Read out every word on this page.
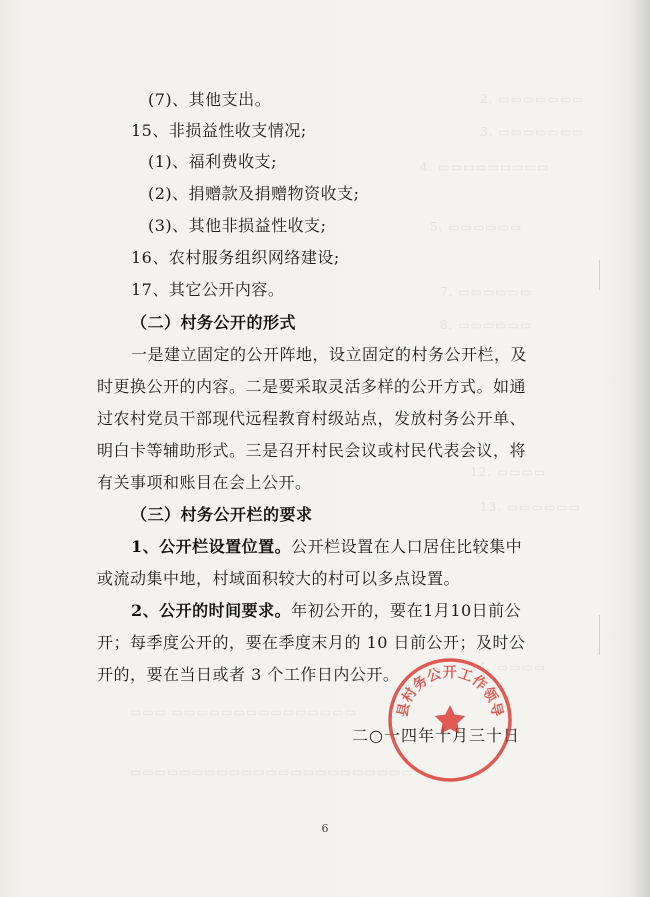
2. ▭▭▭▭▭▭▭
3. ▭▭▭▭▭▭▭
4. ▭▭▭▭▭▭▭▭▭
5. ▭▭▭▭▭▭
7. ▭▭▭▭▭▭
8. ▭▭▭▭▭▭
12. ▭▭▭▭
13. ▭▭▭▭▭▭
14. ▭▭▭▭
▭▭▭ ▭▭▭▭▭▭▭▭▭▭▭▭▭▭▭
▭▭▭▭▭▭▭▭▭▭▭▭▭▭▭▭▭▭▭▭▭▭▭
(7)、其他支出。
15、非损益性收支情况;
(1)、福利费收支;
(2)、捐赠款及捐赠物资收支;
(3)、其他非损益性收支;
16、农村服务组织网络建设;
17、其它公开内容。
（二）村务公开的形式
一是建立固定的公开阵地，设立固定的村务公开栏，及
时更换公开的内容。二是要采取灵活多样的公开方式。如通
过农村党员干部现代远程教育村级站点，发放村务公开单、
明白卡等辅助形式。三是召开村民会议或村民代表会议，将
有关事项和账目在会上公开。
（三）村务公开栏的要求
1、公开栏设置位置。公开栏设置在人口居住比较集中
或流动集中地，村域面积较大的村可以多点设置。
2、公开的时间要求。年初公开的，要在1月10日前公
开；每季度公开的，要在季度末月的 10 日前公开；及时公
开的，要在当日或者 3 个工作日内公开。
二○一四年十月三十日
县村务公开工作领导
6
